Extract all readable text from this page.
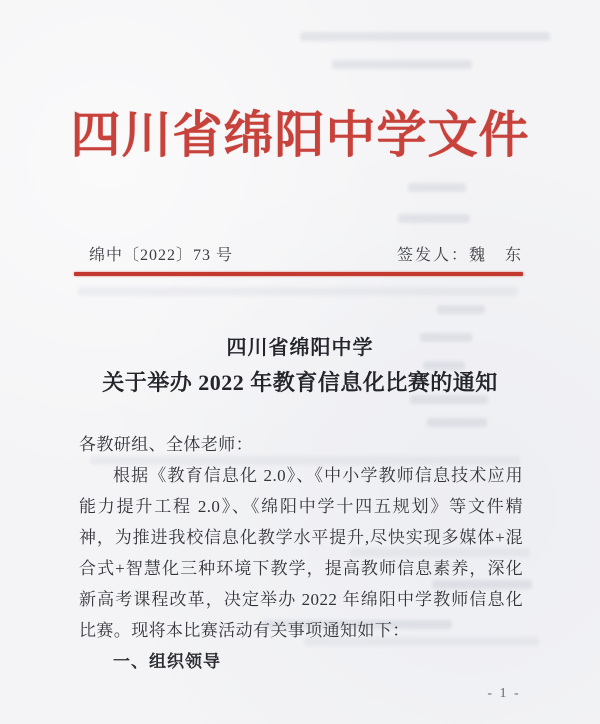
四川省绵阳中学文件
绵中〔2022〕73 号	签发人：魏　东
四川省绵阳中学
关于举办 2022 年教育信息化比赛的通知

各教研组、全体老师：

根据《教育信息化 2.0》、《中小学教师信息技术应用能力提升工程 2.0》、《绵阳中学十四五规划》等文件精神，为推进我校信息化教学水平提升,尽快实现多媒体+混合式+智慧化三种环境下教学，提高教师信息素养，深化新高考课程改革，决定举办 2022 年绵阳中学教师信息化比赛。现将本比赛活动有关事项通知如下：

一、组织领导

- 1 -
